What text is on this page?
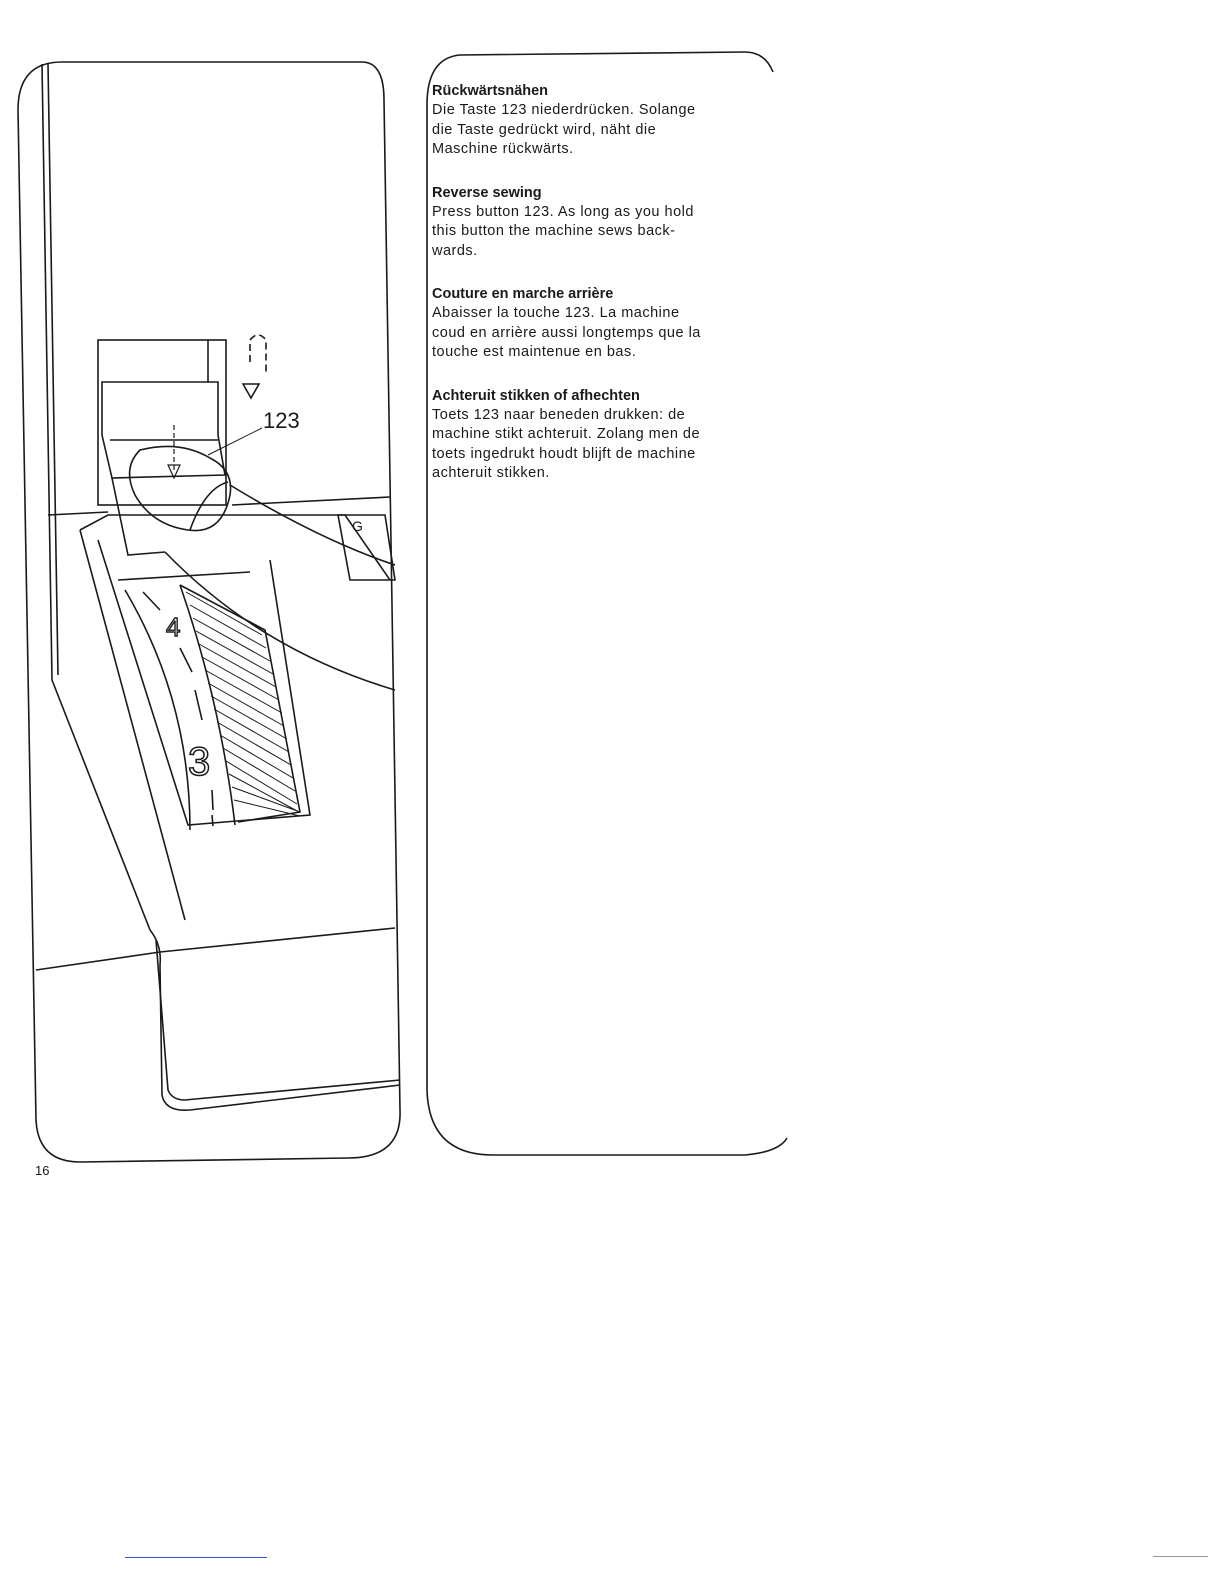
4
3
G
123
Rückwärtsnähen

Die Taste 123 niederdrücken. Solange

die Taste gedrückt wird, näht die

Maschine rückwärts.

Reverse sewing

Press button 123. As long as you hold

this button the machine sews back-

wards.

Couture en marche arrière

Abaisser la touche 123. La machine

coud en arrière aussi longtemps que la

touche est maintenue en bas.

Achteruit stikken of afhechten

Toets 123 naar beneden drukken: de

machine stikt achteruit. Zolang men de

toets ingedrukt houdt blijft de machine

achteruit stikken.

16
